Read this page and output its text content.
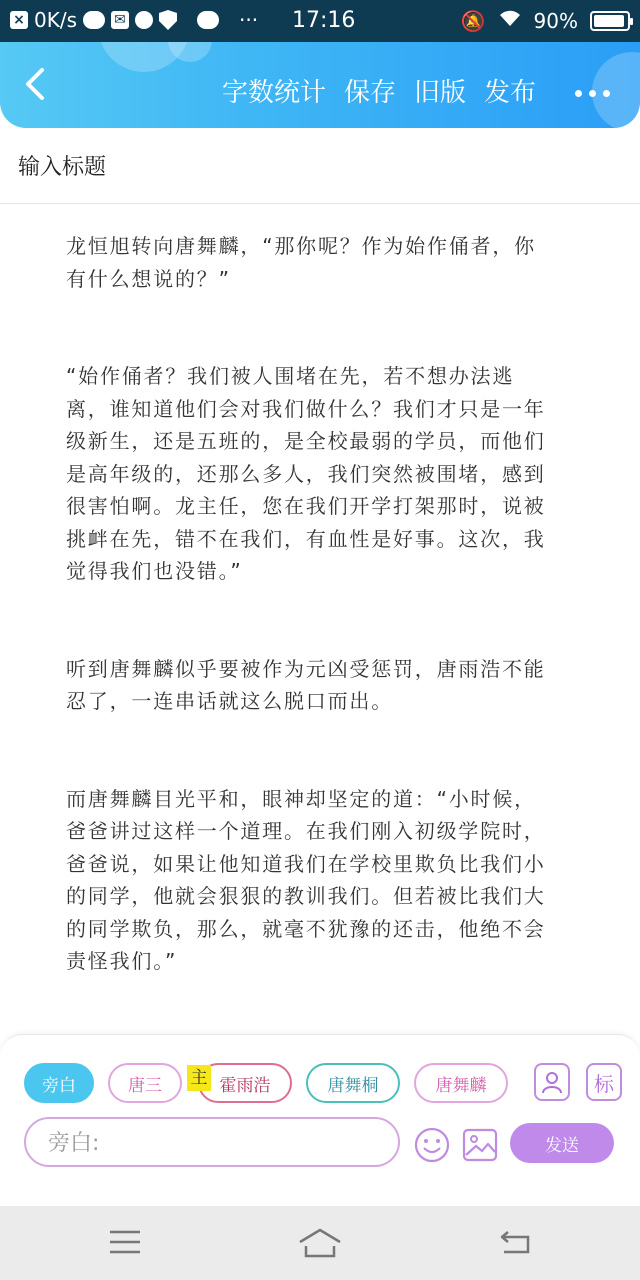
× 0K/s	✉	··· 17:16	🔕 90%
字数统计 保存 旧版 发布
输入标题

龙恒旭转向唐舞麟，“那你呢？作为始作俑者，你有什么想说的？”

“始作俑者？我们被人围堵在先，若不想办法逃离，谁知道他们会对我们做什么？我们才只是一年级新生，还是五班的，是全校最弱的学员，而他们是高年级的，还那么多人，我们突然被围堵，感到很害怕啊。龙主任，您在我们开学打架那时，说被挑衅在先，错不在我们，有血性是好事。这次，我觉得我们也没错。”

听到唐舞麟似乎要被作为元凶受惩罚，唐雨浩不能忍了，一连串话就这么脱口而出。

而唐舞麟目光平和，眼神却坚定的道：“小时候，爸爸讲过这样一个道理。在我们刚入初级学院时，爸爸说，如果让他知道我们在学校里欺负比我们小的同学，他就会狠狠的教训我们。但若被比我们大的同学欺负，那么，就毫不犹豫的还击，他绝不会责怪我们。”

旁白	唐三	霍雨浩
主	唐舞桐	唐舞麟	标
旁白:
发送
